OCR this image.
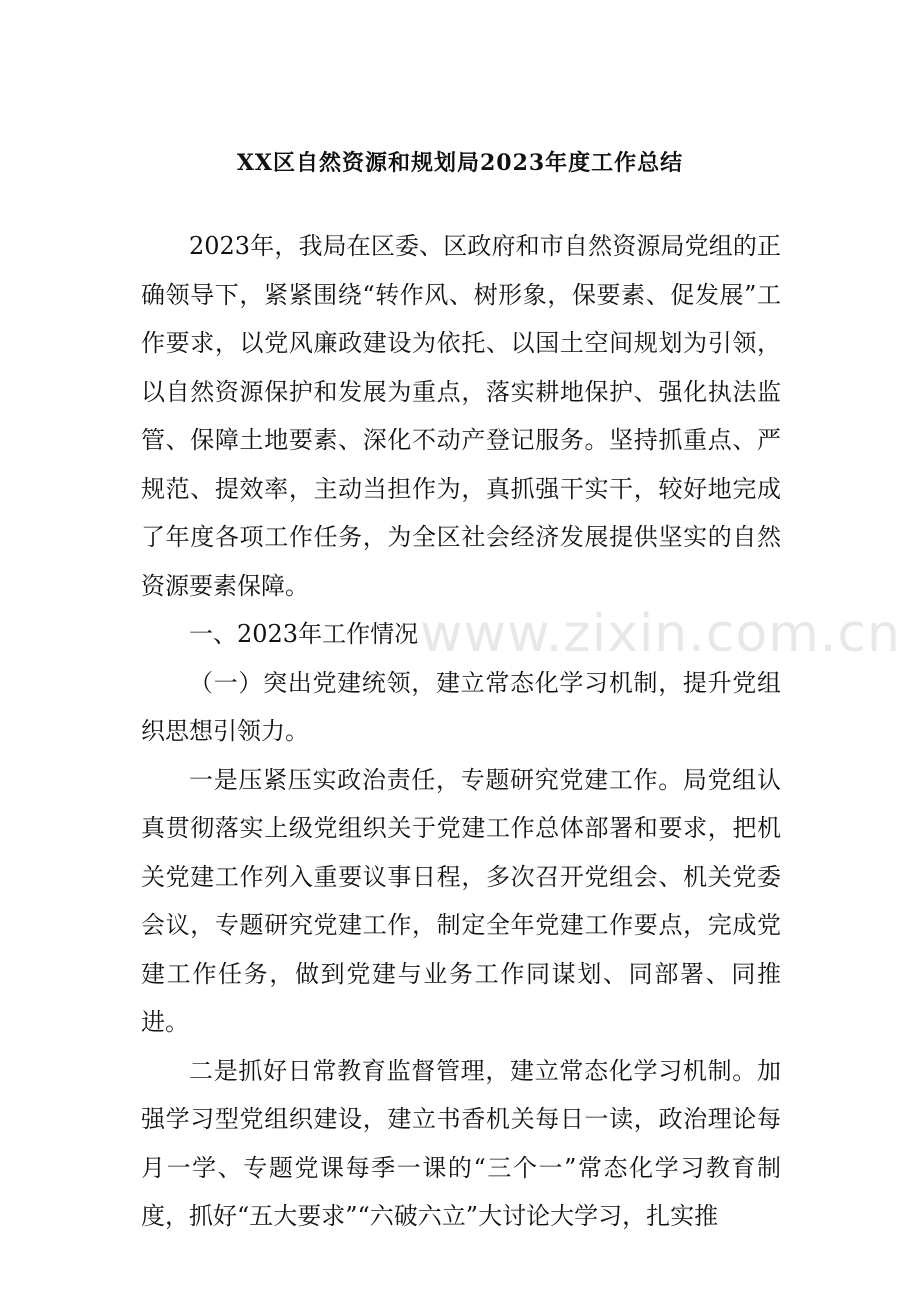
XX区自然资源和规划局2023年度工作总结

2023年，我局在区委、区政府和市自然资源局党组的正确领导下，紧紧围绕“转作风、树形象，保要素、促发展”工作要求，以党风廉政建设为依托、以国土空间规划为引领，以自然资源保护和发展为重点，落实耕地保护、强化执法监管、保障土地要素、深化不动产登记服务。坚持抓重点、严规范、提效率，主动当担作为，真抓强干实干，较好地完成了年度各项工作任务，为全区社会经济发展提供坚实的自然资源要素保障。

一、2023年工作情况

（一）突出党建统领，建立常态化学习机制，提升党组织思想引领力。

一是压紧压实政治责任，专题研究党建工作。局党组认真贯彻落实上级党组织关于党建工作总体部署和要求，把机关党建工作列入重要议事日程，多次召开党组会、机关党委会议，专题研究党建工作，制定全年党建工作要点，完成党建工作任务，做到党建与业务工作同谋划、同部署、同推进。

二是抓好日常教育监督管理，建立常态化学习机制。加强学习型党组织建设，建立书香机关每日一读，政治理论每月一学、专题党课每季一课的“三个一”常态化学习教育制度，抓好“五大要求”“六破六立”大讨论大学习，扎实推

www.zixin.com.cn
